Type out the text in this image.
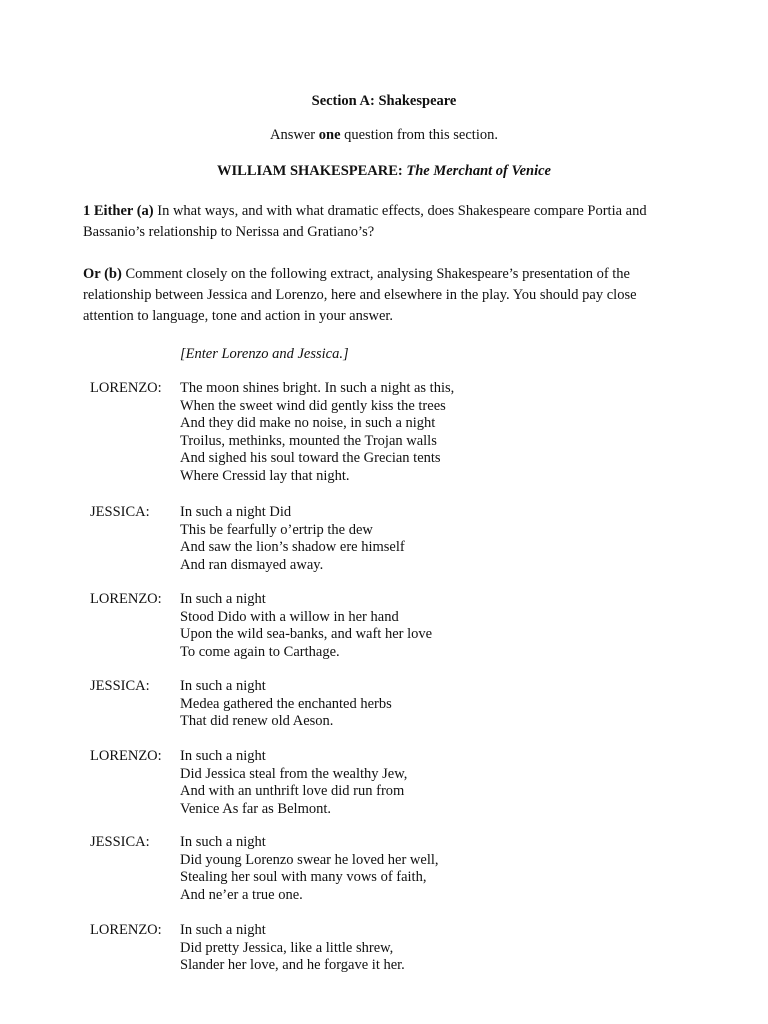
Section A: Shakespeare
Answer one question from this section.
WILLIAM SHAKESPEARE: The Merchant of Venice
1 Either (a) In what ways, and with what dramatic effects, does Shakespeare compare Portia and Bassanio’s relationship to Nerissa and Gratiano’s?
Or (b) Comment closely on the following extract, analysing Shakespeare’s presentation of the relationship between Jessica and Lorenzo, here and elsewhere in the play. You should pay close attention to language, tone and action in your answer.
[Enter Lorenzo and Jessica.]
LORENZO: The moon shines bright. In such a night as this,
When the sweet wind did gently kiss the trees
And they did make no noise, in such a night
Troilus, methinks, mounted the Trojan walls
And sighed his soul toward the Grecian tents
Where Cressid lay that night.
JESSICA: In such a night Did
This be fearfully o’ertrip the dew
And saw the lion’s shadow ere himself
And ran dismayed away.
LORENZO: In such a night
Stood Dido with a willow in her hand
Upon the wild sea-banks, and waft her love
To come again to Carthage.
JESSICA: In such a night
Medea gathered the enchanted herbs
That did renew old Aeson.
LORENZO: In such a night
Did Jessica steal from the wealthy Jew,
And with an unthrift love did run from
Venice As far as Belmont.
JESSICA: In such a night
Did young Lorenzo swear he loved her well,
Stealing her soul with many vows of faith,
And ne’er a true one.
LORENZO: In such a night
Did pretty Jessica, like a little shrew,
Slander her love, and he forgave it her.
